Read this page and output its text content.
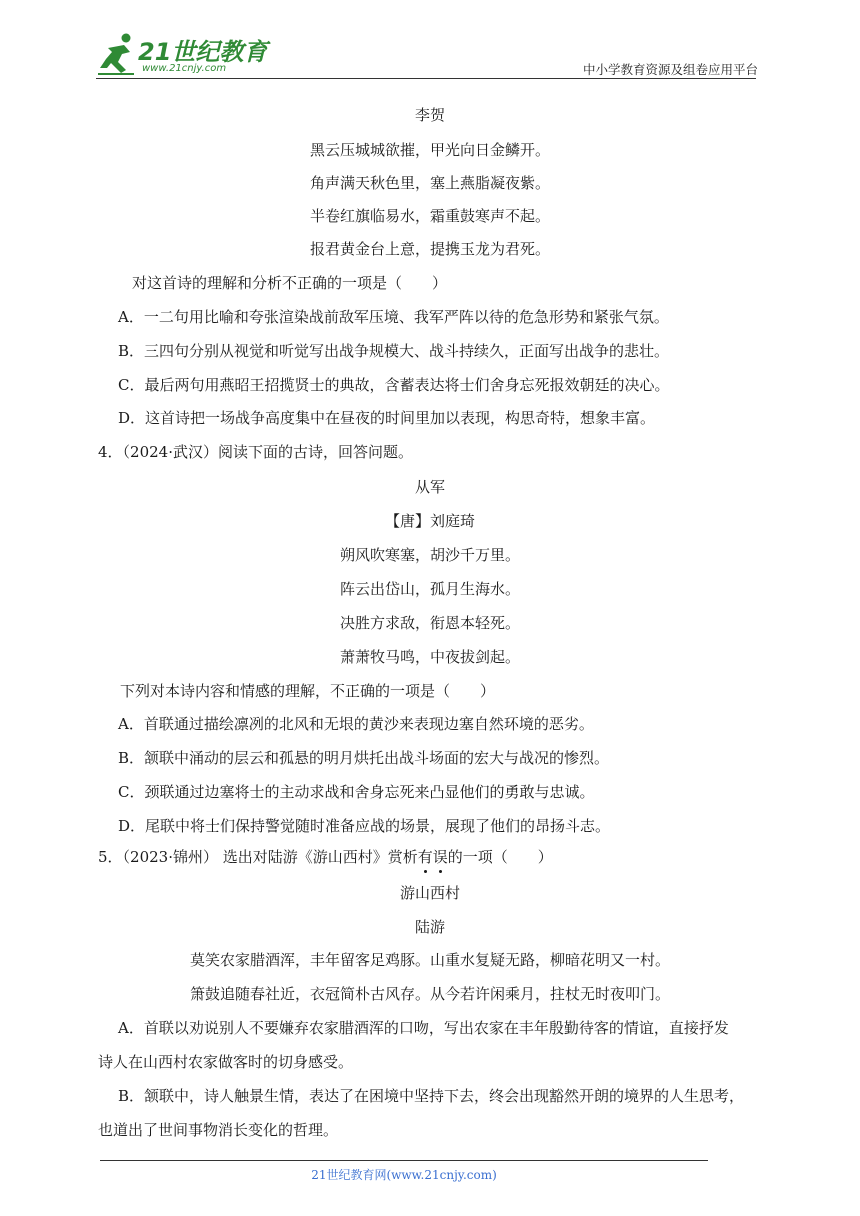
21世纪教育
www.21cnjy.com	中小学教育资源及组卷应用平台
李贺
黑云压城城欲摧，甲光向日金鳞开。
角声满天秋色里，塞上燕脂凝夜紫。
半卷红旗临易水，霜重鼓寒声不起。
报君黄金台上意，提携玉龙为君死。
对这首诗的理解和分析不正确的一项是（　　）
A．一二句用比喻和夸张渲染战前敌军压境、我军严阵以待的危急形势和紧张气氛。
B．三四句分别从视觉和听觉写出战争规模大、战斗持续久，正面写出战争的悲壮。
C．最后两句用燕昭王招揽贤士的典故，含蓄表达将士们舍身忘死报效朝廷的决心。
D．这首诗把一场战争高度集中在昼夜的时间里加以表现，构思奇特，想象丰富。
4．（2024·武汉）阅读下面的古诗，回答问题。
从军
【唐】刘庭琦
朔风吹寒塞，胡沙千万里。
阵云出岱山，孤月生海水。
决胜方求敌，衔恩本轻死。
萧萧牧马鸣，中夜拔剑起。
下列对本诗内容和情感的理解，不正确的一项是（　　）
A．首联通过描绘凛冽的北风和无垠的黄沙来表现边塞自然环境的恶劣。
B．颔联中涌动的层云和孤悬的明月烘托出战斗场面的宏大与战况的惨烈。
C．颈联通过边塞将士的主动求战和舍身忘死来凸显他们的勇敢与忠诚。
D．尾联中将士们保持警觉随时准备应战的场景，展现了他们的昂扬斗志。
5．（2023·锦州） 选出对陆游《游山西村》赏析有误的一项（　　）
游山西村
陆游
莫笑农家腊酒浑，丰年留客足鸡豚。山重水复疑无路，柳暗花明又一村。
箫鼓追随春社近，衣冠简朴古风存。从今若许闲乘月，拄杖无时夜叩门。
A．首联以劝说别人不要嫌弃农家腊酒浑的口吻，写出农家在丰年殷勤待客的情谊，直接抒发
诗人在山西村农家做客时的切身感受。
B．颔联中，诗人触景生情，表达了在困境中坚持下去，终会出现豁然开朗的境界的人生思考，
也道出了世间事物消长变化的哲理。
21世纪教育网(www.21cnjy.com)
